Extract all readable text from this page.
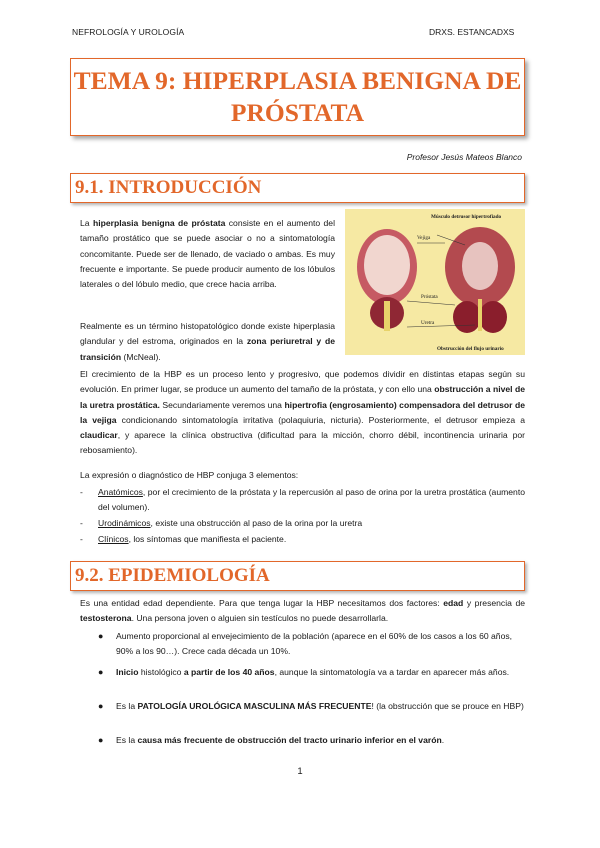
NEFROLOGÍA Y UROLOGÍA	DRXS. ESTANCADXS
TEMA 9: HIPERPLASIA BENIGNA DE
PRÓSTATA
Profesor Jesús Mateos Blanco
9.1. INTRODUCCIÓN

La hiperplasia benigna de próstata consiste en el aumento del tamaño prostático que se puede asociar o no a sintomatología concomitante. Puede ser de llenado, de vaciado o ambas. Es muy frecuente e importante. Se puede producir aumento de los lóbulos laterales o del lóbulo medio, que crece hacia arriba.

Realmente es un término histopatológico donde existe hiperplasia glandular y del estroma, originados en la zona periuretral y de transición (McNeal).

Músculo detrusor hipertrofiado
Vejiga
Próstata
Uretra
Obstrucción del flujo urinario

El crecimiento de la HBP es un proceso lento y progresivo, que podemos dividir en distintas etapas según su evolución. En primer lugar, se produce un aumento del tamaño de la próstata, y con ello una obstrucción a nivel de la uretra prostática. Secundariamente veremos una hipertrofia (engrosamiento) compensadora del detrusor de la vejiga condicionando sintomatología irritativa (polaquiuria, nicturia). Posteriormente, el detrusor empieza a claudicar, y aparece la clínica obstructiva (dificultad para la micción, chorro débil, incontinencia urinaria por rebosamiento).

La expresión o diagnóstico de HBP conjuga 3 elementos:

- Anatómicos, por el crecimiento de la próstata y la repercusión al paso de orina por la uretra prostática (aumento del volumen).
- Urodinámicos, existe una obstrucción al paso de la orina por la uretra
- Clínicos, los síntomas que manifiesta el paciente.
9.2. EPIDEMIOLOGÍA

Es una entidad edad dependiente. Para que tenga lugar la HBP necesitamos dos factores: edad y presencia de testosterona. Una persona joven o alguien sin testículos no puede desarrollarla.

● Aumento proporcional al envejecimiento de la población (aparece en el 60% de los casos a los 60 años, 90% a los 90…). Crece cada década un 10%.
● Inicio histológico a partir de los 40 años, aunque la sintomatología va a tardar en aparecer más años.
● Es la PATOLOGÍA UROLÓGICA MASCULINA MÁS FRECUENTE! (la obstrucción que se prouce en HBP)
● Es la causa más frecuente de obstrucción del tracto urinario inferior en el varón.
1
